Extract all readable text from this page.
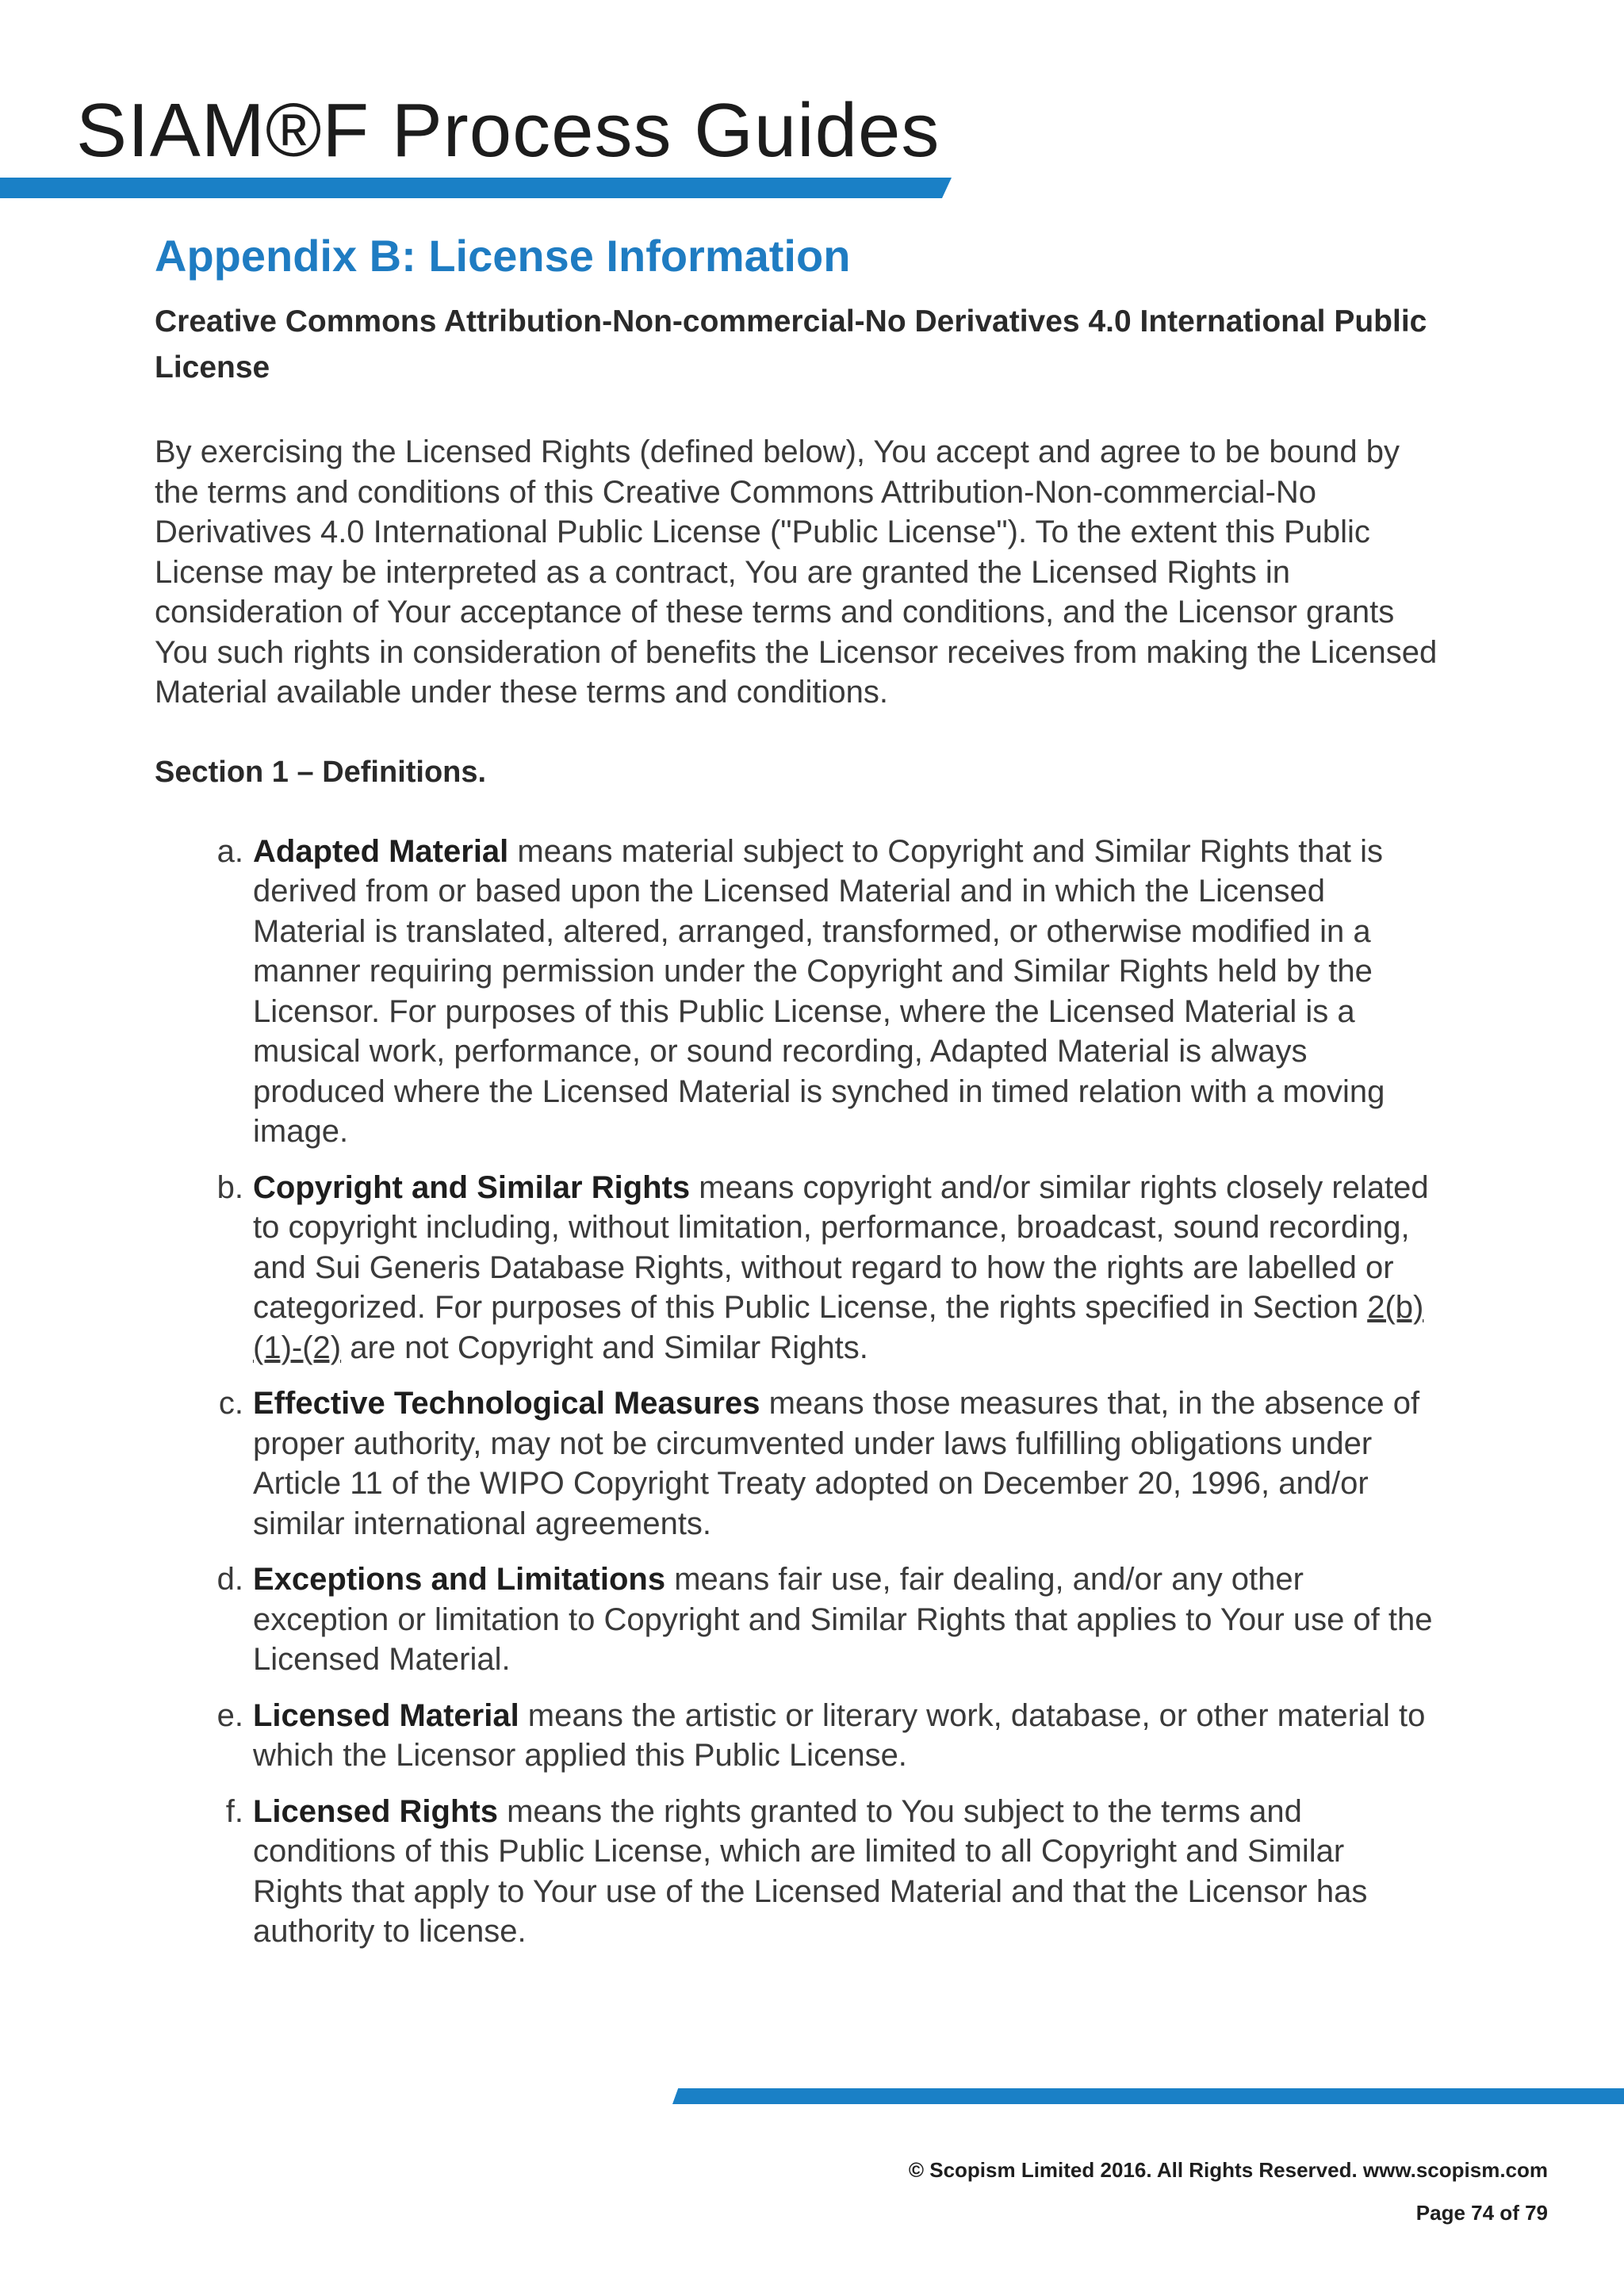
SIAM®F Process Guides
Appendix B: License Information
Creative Commons Attribution-Non-commercial-No Derivatives 4.0 International Public License
By exercising the Licensed Rights (defined below), You accept and agree to be bound by the terms and conditions of this Creative Commons Attribution-Non-commercial-No Derivatives 4.0 International Public License ("Public License"). To the extent this Public License may be interpreted as a contract, You are granted the Licensed Rights in consideration of Your acceptance of these terms and conditions, and the Licensor grants You such rights in consideration of benefits the Licensor receives from making the Licensed Material available under these terms and conditions.
Section 1 – Definitions.
a. Adapted Material means material subject to Copyright and Similar Rights that is derived from or based upon the Licensed Material and in which the Licensed Material is translated, altered, arranged, transformed, or otherwise modified in a manner requiring permission under the Copyright and Similar Rights held by the Licensor. For purposes of this Public License, where the Licensed Material is a musical work, performance, or sound recording, Adapted Material is always produced where the Licensed Material is synched in timed relation with a moving image.
b. Copyright and Similar Rights means copyright and/or similar rights closely related to copyright including, without limitation, performance, broadcast, sound recording, and Sui Generis Database Rights, without regard to how the rights are labelled or categorized. For purposes of this Public License, the rights specified in Section 2(b)(1)-(2) are not Copyright and Similar Rights.
c. Effective Technological Measures means those measures that, in the absence of proper authority, may not be circumvented under laws fulfilling obligations under Article 11 of the WIPO Copyright Treaty adopted on December 20, 1996, and/or similar international agreements.
d. Exceptions and Limitations means fair use, fair dealing, and/or any other exception or limitation to Copyright and Similar Rights that applies to Your use of the Licensed Material.
e. Licensed Material means the artistic or literary work, database, or other material to which the Licensor applied this Public License.
f. Licensed Rights means the rights granted to You subject to the terms and conditions of this Public License, which are limited to all Copyright and Similar Rights that apply to Your use of the Licensed Material and that the Licensor has authority to license.
© Scopism Limited 2016. All Rights Reserved. www.scopism.com
Page 74 of 79
